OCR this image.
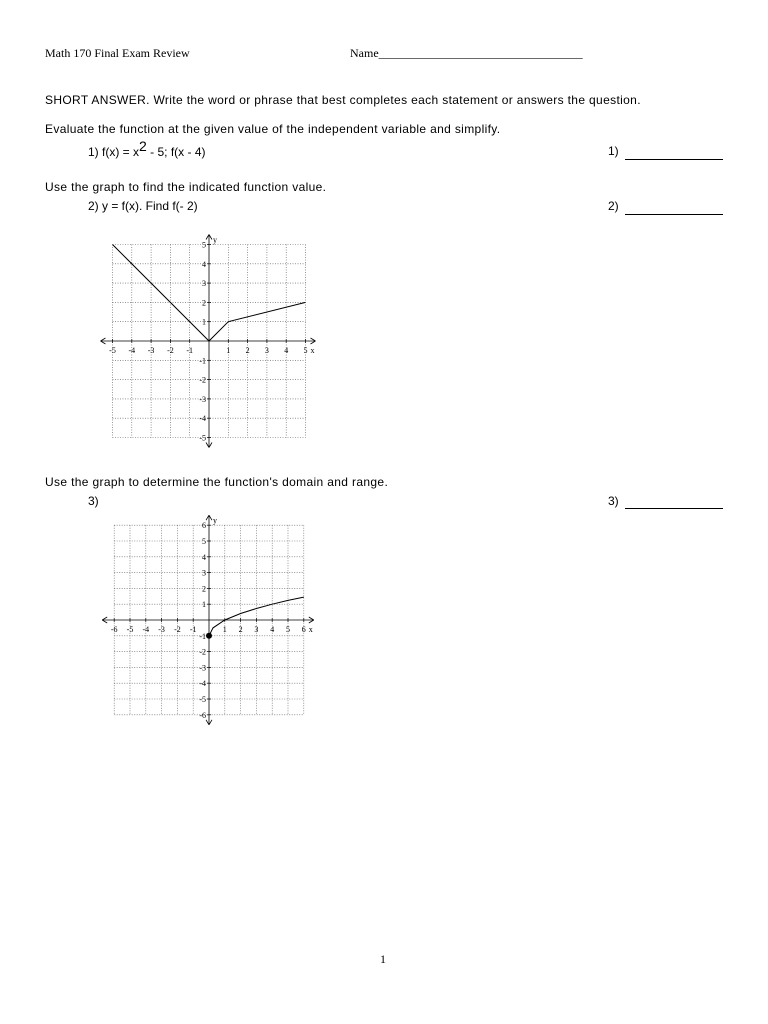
Math 170 Final Exam Review	Name__________________________________
SHORT ANSWER. Write the word or phrase that best completes each statement or answers the question.
Evaluate the function at the given value of the independent variable and simplify.
1) f(x) = x2 - 5; f(x - 4)	1)
Use the graph to find the indicated function value.
2) y = f(x). Find f(- 2)	2)
-5 -4 -3 -2 -1	1 2 3 4 5
5
4
3
2
1
-1
-2
-3
-4
-5
x
y
Use the graph to determine the function's domain and range.
3)	3)
-6 -5 -4 -3 -2 -1	1 2 3 4 5 6
6
5
4
3
2
1
-1
-2
-3
-4
-5
-6
x
y
1
